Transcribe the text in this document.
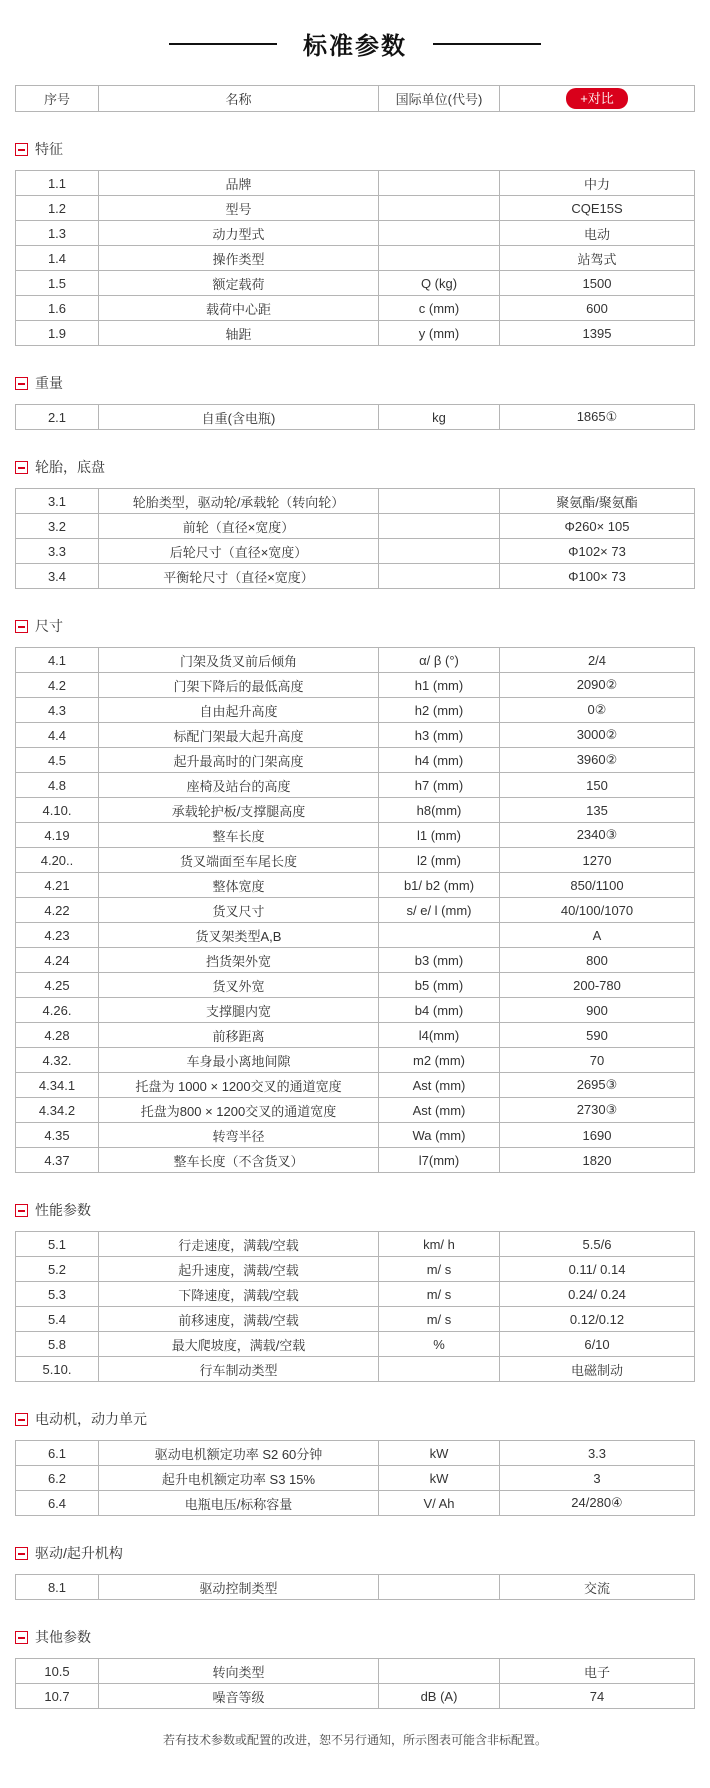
标准参数
序号	名称	国际单位(代号)	+对比
特征
1.1	品牌		中力
1.2	型号		CQE15S
1.3	动力型式		电动
1.4	操作类型		站驾式
1.5	额定载荷	Q (kg)	1500
1.6	载荷中心距	c (mm)	600
1.9	轴距	y (mm)	1395
重量
2.1	自重(含电瓶)	kg	1865①
轮胎，底盘
3.1	轮胎类型，驱动轮/承载轮（转向轮）		聚氨酯/聚氨酯
3.2	前轮（直径×宽度）		Φ260× 105
3.3	后轮尺寸（直径×宽度）		Φ102× 73
3.4	平衡轮尺寸（直径×宽度）		Φ100× 73
尺寸
4.1	门架及货叉前后倾角	α/ β (°)	2/4
4.2	门架下降后的最低高度	h1 (mm)	2090②
4.3	自由起升高度	h2 (mm)	0②
4.4	标配门架最大起升高度	h3 (mm)	3000②
4.5	起升最高时的门架高度	h4 (mm)	3960②
4.8	座椅及站台的高度	h7 (mm)	150
4.10.	承载轮护板/支撑腿高度	h8(mm)	135
4.19	整车长度	l1 (mm)	2340③
4.20..	货叉端面至车尾长度	l2 (mm)	1270
4.21	整体宽度	b1/ b2 (mm)	850/1100
4.22	货叉尺寸	s/ e/ l (mm)	40/100/1070
4.23	货叉架类型A,B		A
4.24	挡货架外宽	b3 (mm)	800
4.25	货叉外宽	b5 (mm)	200-780
4.26.	支撑腿内宽	b4 (mm)	900
4.28	前移距离	l4(mm)	590
4.32.	车身最小离地间隙	m2 (mm)	70
4.34.1	托盘为 1000 × 1200交叉的通道宽度	Ast (mm)	2695③
4.34.2	托盘为800 × 1200交叉的通道宽度	Ast (mm)	2730③
4.35	转弯半径	Wa (mm)	1690
4.37	整车长度（不含货叉）	l7(mm)	1820
性能参数
5.1	行走速度，满载/空载	km/ h	5.5/6
5.2	起升速度，满载/空载	m/ s	0.11/ 0.14
5.3	下降速度，满载/空载	m/ s	0.24/ 0.24
5.4	前移速度，满载/空载	m/ s	0.12/0.12
5.8	最大爬坡度，满载/空载	%	6/10
5.10.	行车制动类型		电磁制动
电动机，动力单元
6.1	驱动电机额定功率 S2 60分钟	kW	3.3
6.2	起升电机额定功率 S3 15%	kW	3
6.4	电瓶电压/标称容量	V/ Ah	24/280④
驱动/起升机构
8.1	驱动控制类型		交流
其他参数
10.5	转向类型		电子
10.7	噪音等级	dB (A)	74
若有技术参数或配置的改进，恕不另行通知，所示图表可能含非标配置。
